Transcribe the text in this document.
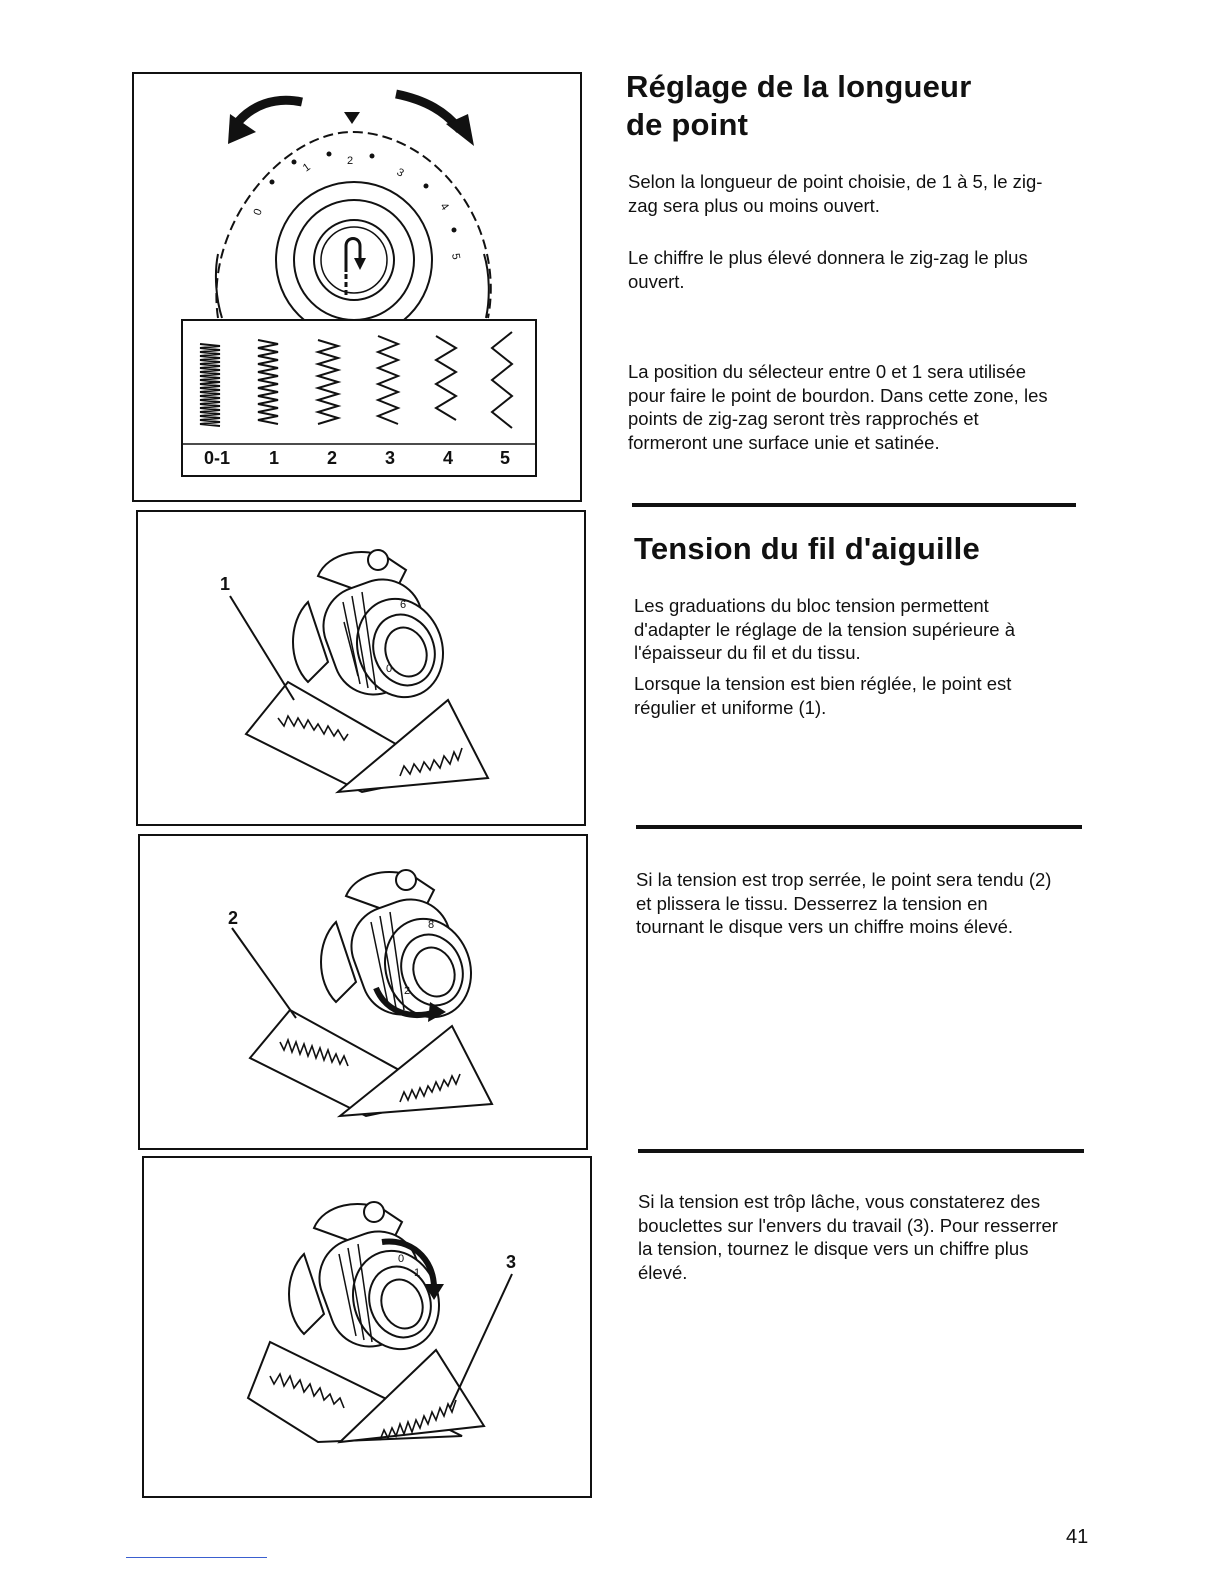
0
1
2
3
4
5
0-1	1	2	3	4	5
6
0
1
8
2
2
0
1
3
Réglage de la longueur
de point

Selon la longueur de point choisie, de 1 à 5, le zig-zag sera plus ou moins ouvert.

Le chiffre le plus élevé donnera le zig-zag le plus ouvert.

La position du sélecteur entre 0 et 1 sera utilisée pour faire le point de bourdon. Dans cette zone, les points de zig-zag seront très rapprochés et formeront une surface unie et satinée.

Tension du fil d'aiguille

Les graduations du bloc tension permettent d'adapter le réglage de la tension supérieure à l'épaisseur du fil et du tissu.

Lorsque la tension est bien réglée, le point est régulier et uniforme (1).

Si la tension est trop serrée, le point sera tendu (2) et plissera le tissu. Desserrez la tension en tournant le disque vers un chiffre moins élevé.

Si la tension est trôp lâche, vous constaterez des bouclettes sur l'envers du travail (3). Pour resserrer la tension, tournez le disque vers un chiffre plus élevé.

41
